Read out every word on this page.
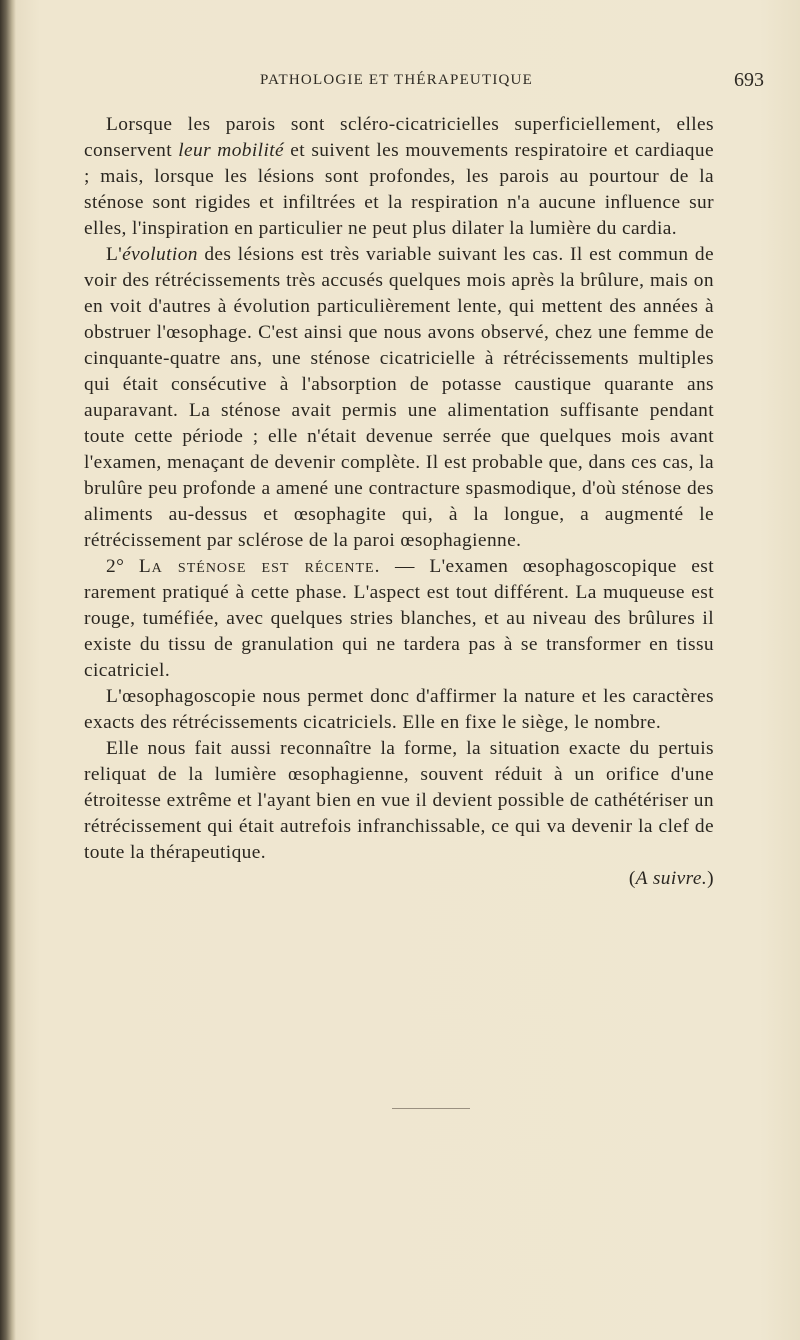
PATHOLOGIE ET THÉRAPEUTIQUE	693

Lorsque les parois sont scléro-cicatricielles superficiellement, elles conservent leur mobilité et suivent les mouvements respiratoire et cardiaque ; mais, lorsque les lésions sont profondes, les parois au pourtour de la sténose sont rigides et infiltrées et la respiration n'a aucune influence sur elles, l'inspiration en particulier ne peut plus dilater la lumière du cardia.

L'évolution des lésions est très variable suivant les cas. Il est commun de voir des rétrécissements très accusés quelques mois après la brûlure, mais on en voit d'autres à évolution particulièrement lente, qui mettent des années à obstruer l'œsophage. C'est ainsi que nous avons observé, chez une femme de cinquante-quatre ans, une sténose cicatricielle à rétrécissements multiples qui était consécutive à l'absorption de potasse caustique quarante ans auparavant. La sténose avait permis une alimentation suffisante pendant toute cette période ; elle n'était devenue serrée que quelques mois avant l'examen, menaçant de devenir complète. Il est probable que, dans ces cas, la brulûre peu profonde a amené une contracture spasmodique, d'où sténose des aliments au-dessus et œsophagite qui, à la longue, a augmenté le rétrécissement par sclérose de la paroi œsophagienne.

2° La sténose est récente. — L'examen œsophagoscopique est rarement pratiqué à cette phase. L'aspect est tout différent. La muqueuse est rouge, tuméfiée, avec quelques stries blanches, et au niveau des brûlures il existe du tissu de granulation qui ne tardera pas à se transformer en tissu cicatriciel.

L'œsophagoscopie nous permet donc d'affirmer la nature et les caractères exacts des rétrécissements cicatriciels. Elle en fixe le siège, le nombre.

Elle nous fait aussi reconnaître la forme, la situation exacte du pertuis reliquat de la lumière œsophagienne, souvent réduit à un orifice d'une étroitesse extrême et l'ayant bien en vue il devient possible de cathétériser un rétrécissement qui était autrefois infranchissable, ce qui va devenir la clef de toute la thérapeutique.

(A suivre.)
